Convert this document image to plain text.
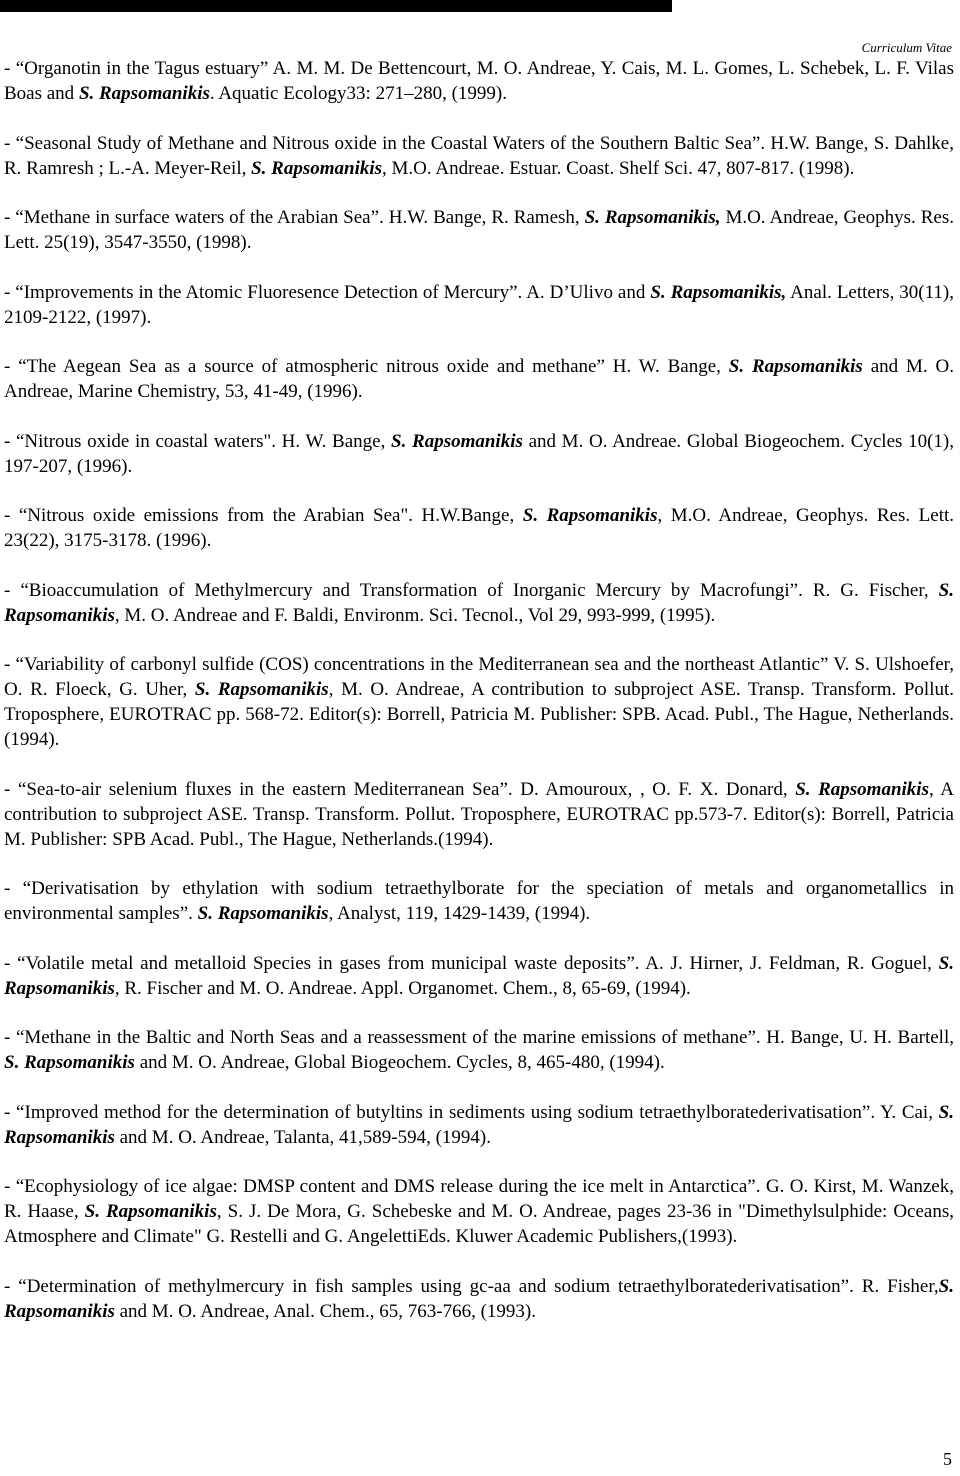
Curriculum Vitae

- “Organotin in the Tagus estuary” A. M. M. De Bettencourt, M. O. Andreae, Y. Cais, M. L. Gomes, L. Schebek, L. F. Vilas Boas and S. Rapsomanikis. Aquatic Ecology33: 271–280, (1999).

- “Seasonal Study of Methane and Nitrous oxide in the Coastal Waters of the Southern Baltic Sea”. H.W. Bange, S. Dahlke, R. Ramresh ; L.-A. Meyer-Reil, S. Rapsomanikis, M.O. Andreae. Estuar. Coast. Shelf Sci. 47, 807-817. (1998).

- “Methane in surface waters of the Arabian Sea”. H.W. Bange, R. Ramesh, S. Rapsomanikis, M.O. Andreae, Geophys. Res. Lett. 25(19), 3547-3550, (1998).

- “Improvements in the Atomic Fluoresence Detection of Mercury”. A. D’Ulivo and S. Rapsomanikis, Anal. Letters, 30(11), 2109-2122, (1997).

- “The Aegean Sea as a source of atmospheric nitrous oxide and methane” H. W. Bange, S. Rapsomanikis and M. O. Andreae, Marine Chemistry, 53, 41-49, (1996).

- “Nitrous oxide in coastal waters". H. W. Bange, S. Rapsomanikis and M. O. Andreae. Global Biogeochem. Cycles 10(1), 197-207, (1996).

- “Nitrous oxide emissions from the Arabian Sea". H.W.Bange, S. Rapsomanikis, M.O. Andreae, Geophys. Res. Lett. 23(22), 3175-3178. (1996).

- “Bioaccumulation of Methylmercury and Transformation of Inorganic Mercury by Macrofungi”. R. G. Fischer, S. Rapsomanikis, M. O. Andreae and F. Baldi, Environm. Sci. Tecnol., Vol 29, 993-999, (1995).

- “Variability of carbonyl sulfide (COS) concentrations in the Mediterranean sea and the northeast Atlantic” V. S. Ulshoefer, O. R. Floeck, G. Uher, S. Rapsomanikis, M. O. Andreae, A contribution to subproject ASE. Transp. Transform. Pollut. Troposphere, EUROTRAC pp. 568-72. Editor(s): Borrell, Patricia M. Publisher: SPB. Acad. Publ., The Hague, Netherlands. (1994).

- “Sea-to-air selenium fluxes in the eastern Mediterranean Sea”. D. Amouroux, , O. F. X. Donard, S. Rapsomanikis, A contribution to subproject ASE. Transp. Transform. Pollut. Troposphere, EUROTRAC pp.573-7. Editor(s): Borrell, Patricia M. Publisher: SPB Acad. Publ., The Hague, Netherlands.(1994).

- “Derivatisation by ethylation with sodium tetraethylborate for the speciation of metals and organometallics in environmental samples”. S. Rapsomanikis, Analyst, 119, 1429-1439, (1994).

- “Volatile metal and metalloid Species in gases from municipal waste deposits”. A. J. Hirner, J. Feldman, R. Goguel, S. Rapsomanikis, R. Fischer and M. O. Andreae. Appl. Organomet. Chem., 8, 65-69, (1994).

- “Methane in the Baltic and North Seas and a reassessment of the marine emissions of methane”. H. Bange, U. H. Bartell, S. Rapsomanikis and M. O. Andreae, Global Biogeochem. Cycles, 8, 465-480, (1994).

- “Improved method for the determination of butyltins in sediments using sodium tetraethylboratederivatisation”. Y. Cai, S. Rapsomanikis and M. O. Andreae, Talanta, 41,589-594, (1994).

- “Ecophysiology of ice algae: DMSP content and DMS release during the ice melt in Antarctica”. G. O. Kirst, M. Wanzek, R. Haase, S. Rapsomanikis, S. J. De Mora, G. Schebeske and M. O. Andreae, pages 23-36 in "Dimethylsulphide: Oceans, Atmosphere and Climate" G. Restelli and G. AngelettiEds. Kluwer Academic Publishers,(1993).

- “Determination of methylmercury in fish samples using gc-aa and sodium tetraethylboratederivatisation”. R. Fisher,S. Rapsomanikis and M. O. Andreae, Anal. Chem., 65, 763-766, (1993).

5
